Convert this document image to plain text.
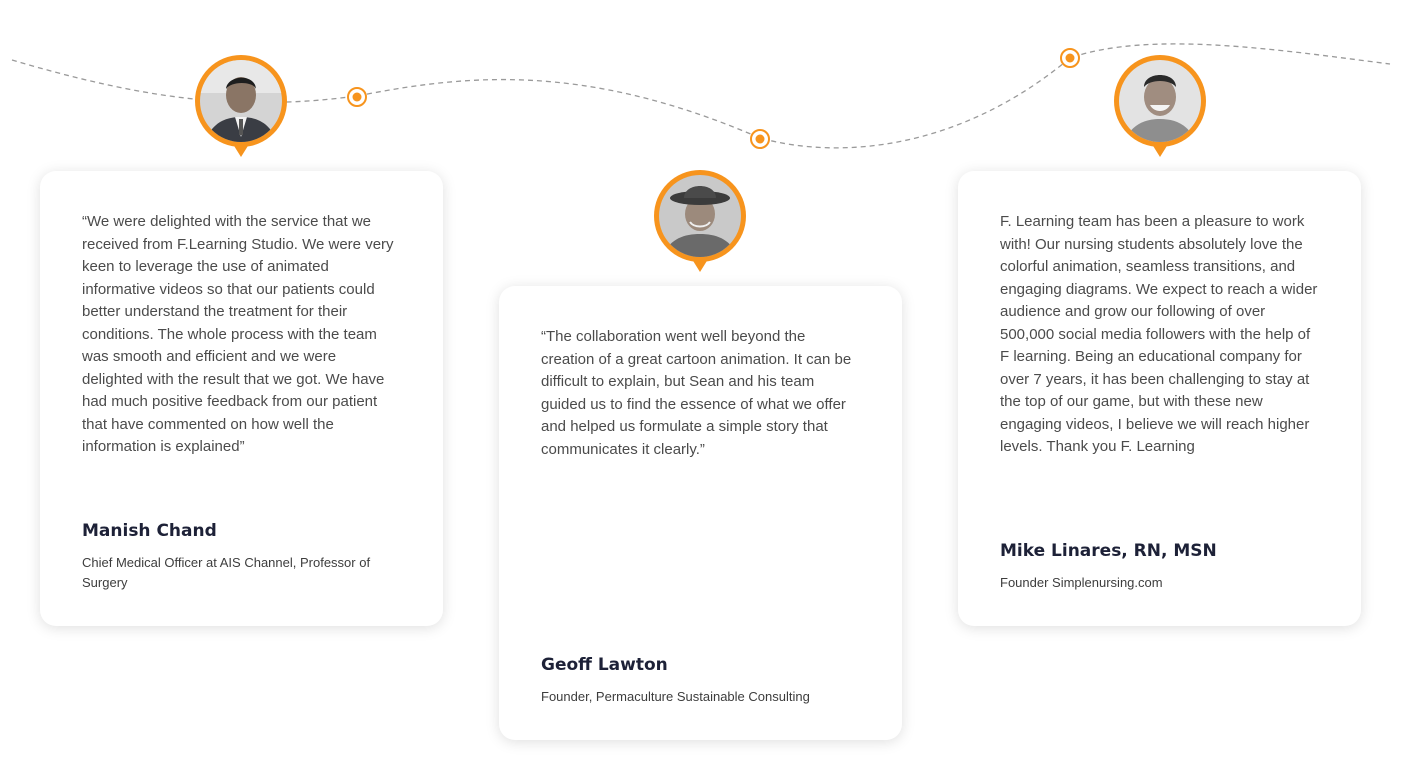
“We were delighted with the service that we received from F.Learning Studio. We were very keen to leverage the use of animated informative videos so that our patients could better understand the treatment for their conditions. The whole process with the team was smooth and efficient and we were delighted with the result that we got. We have had much positive feedback from our patient that have commented on how well the information is explained”

Manish Chand

Chief Medical Officer at AIS Channel, Professor of Surgery

“The collaboration went well beyond the creation of a great cartoon animation. It can be difficult to explain, but Sean and his team guided us to find the essence of what we offer and helped us formulate a simple story that communicates it clearly.”

Geoff Lawton

Founder, Permaculture Sustainable Consulting

F. Learning team has been a pleasure to work with! Our nursing students absolutely love the colorful animation, seamless transitions, and engaging diagrams. We expect to reach a wider audience and grow our following of over 500,000 social media followers with the help of F learning. Being an educational company for over 7 years, it has been challenging to stay at the top of our game, but with these new engaging videos, I believe we will reach higher levels. Thank you F. Learning

Mike Linares, RN, MSN

Founder Simplenursing.com
